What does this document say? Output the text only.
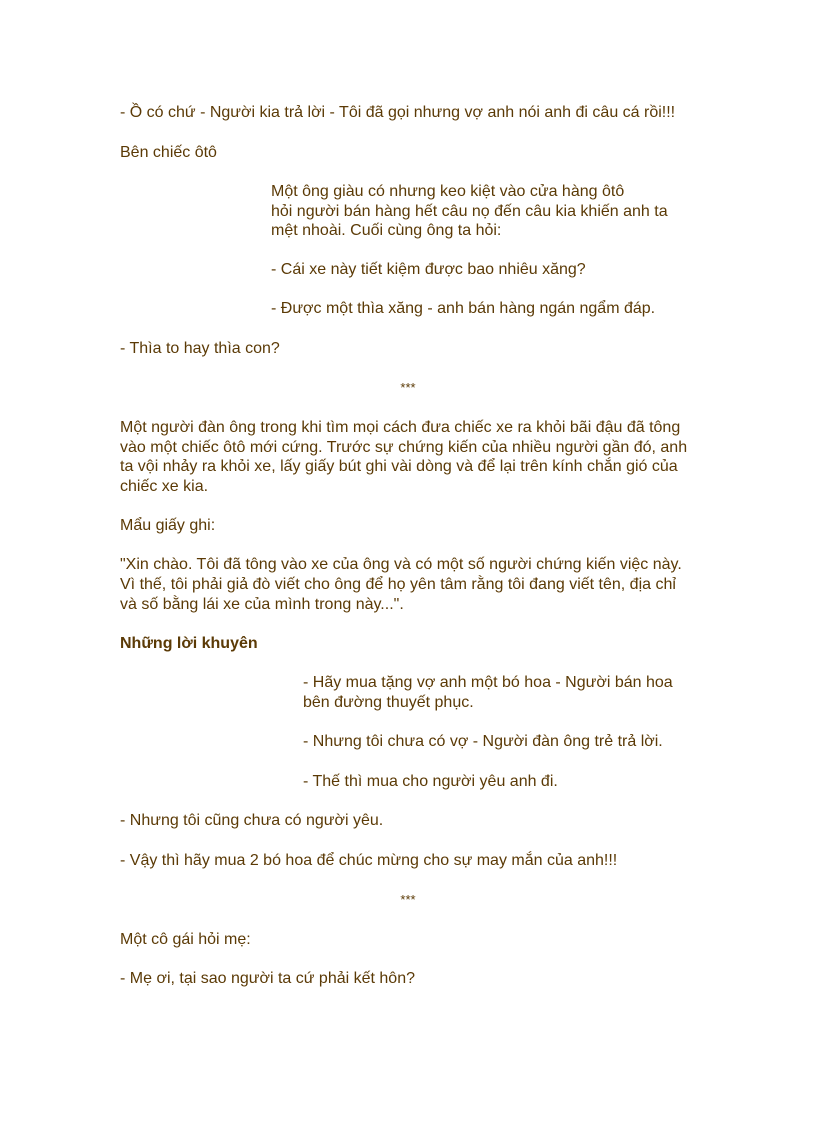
- Ồ có chứ - Người kia trả lời - Tôi đã gọi nhưng vợ anh nói anh đi câu cá rồi!!!

Bên chiếc ôtô

Một ông giàu có nhưng keo kiệt vào cửa hàng ôtô

hỏi người bán hàng hết câu nọ đến câu kia khiến anh ta

mệt nhoài. Cuối cùng ông ta hỏi:

- Cái xe này tiết kiệm được bao nhiêu xăng?

- Được một thìa xăng - anh bán hàng ngán ngẩm đáp.

- Thìa to hay thìa con?

***

Một người đàn ông trong khi tìm mọi cách đưa chiếc xe ra khỏi bãi đậu đã tông

vào một chiếc ôtô mới cứng. Trước sự chứng kiến của nhiều người gần đó, anh

ta vội nhảy ra khỏi xe, lấy giấy bút ghi vài dòng và để lại trên kính chắn gió của

chiếc xe kia.

Mẩu giấy ghi:

"Xin chào. Tôi đã tông vào xe của ông và có một số người chứng kiến việc này.

Vì thế, tôi phải giả đò viết cho ông để họ yên tâm rằng tôi đang viết tên, địa chỉ

và số bằng lái xe của mình trong này...".

Những lời khuyên

- Hãy mua tặng vợ anh một bó hoa - Người bán hoa

bên đường thuyết phục.

- Nhưng tôi chưa có vợ - Người đàn ông trẻ trả lời.

- Thế thì mua cho người yêu anh đi.

- Nhưng tôi cũng chưa có người yêu.

- Vậy thì hãy mua 2 bó hoa để chúc mừng cho sự may mắn của anh!!!

***

Một cô gái hỏi mẹ:

- Mẹ ơi, tại sao người ta cứ phải kết hôn?
